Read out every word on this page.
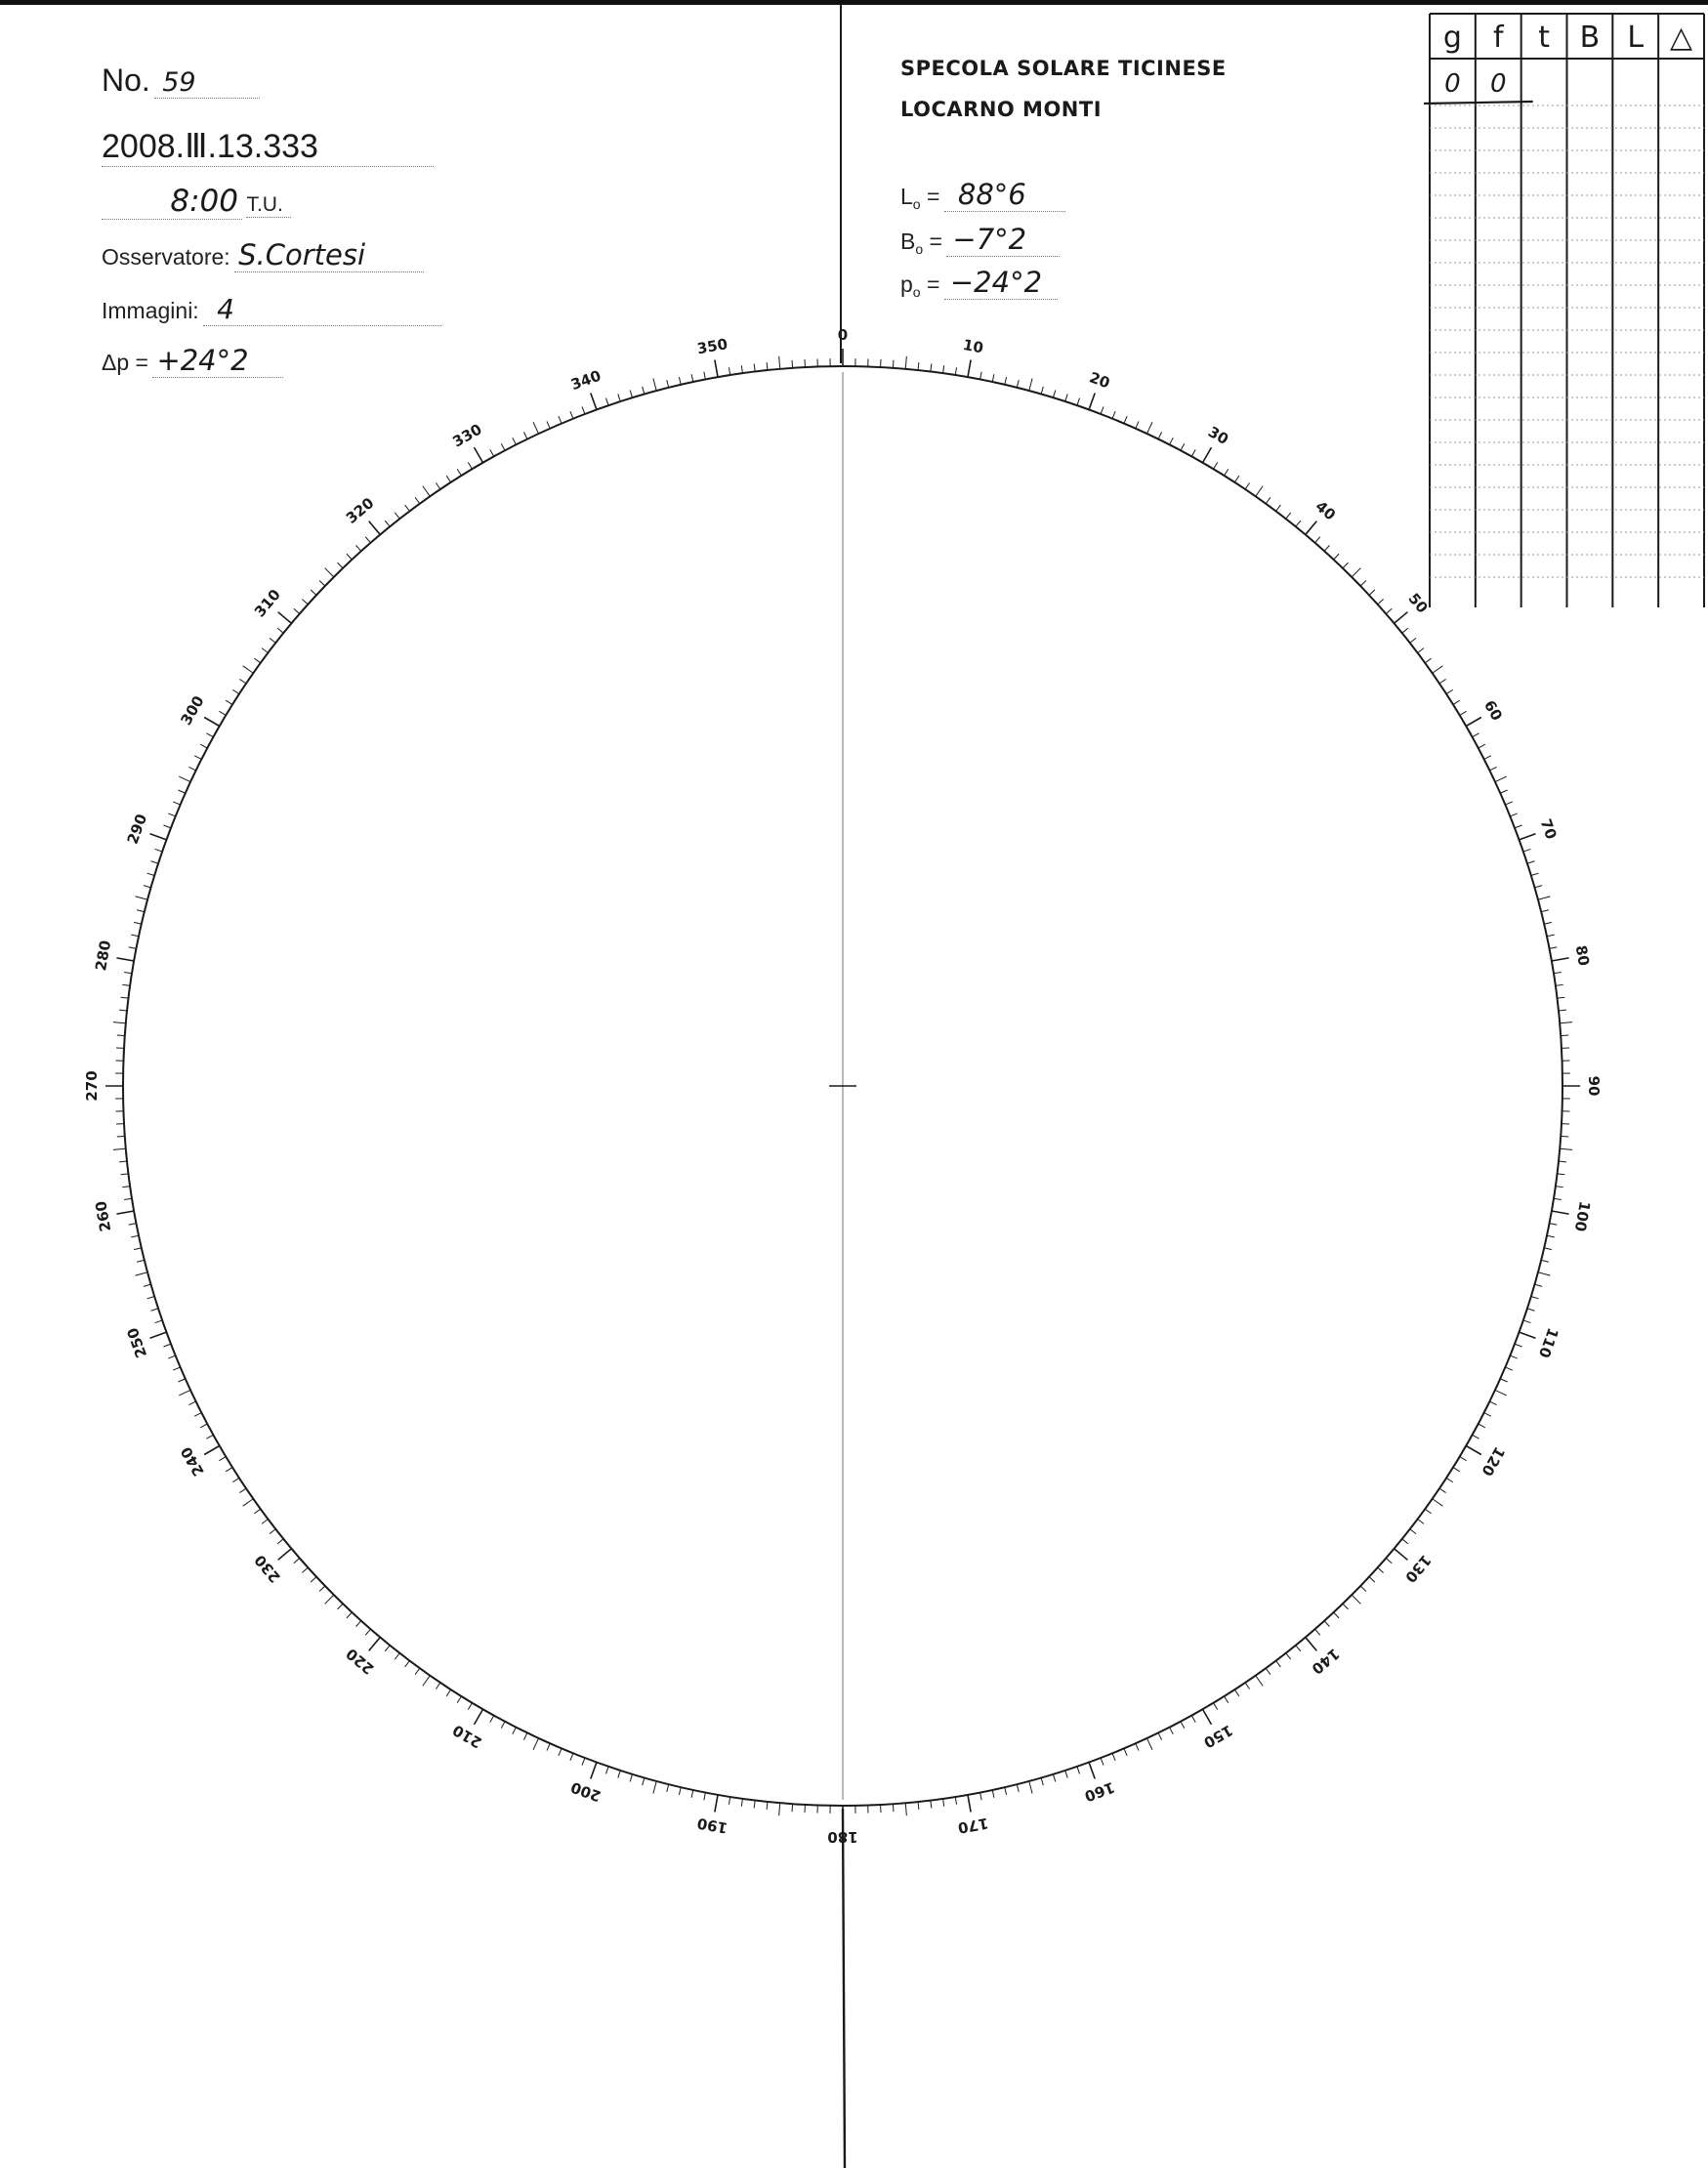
No. 59
2008.Ⅲ.13.333
8:00 T.U.
Osservatore: S.Cortesi
Immagini: 4
Δp = +24°2
SPECOLA SOLARE TICINESE
LOCARNO MONTI
$L_o = 88^\circ 6$
$B_o = -7^\circ 2$
$p_o = -24^\circ 2$
0
10
20
30
40
50
60
70
80
90
100
110
120
130
140
150
160
170
180
190
200
210
220
230
240
250
260
270
280
290
300
310
320
330
340
350
g f t B L △
0 0
